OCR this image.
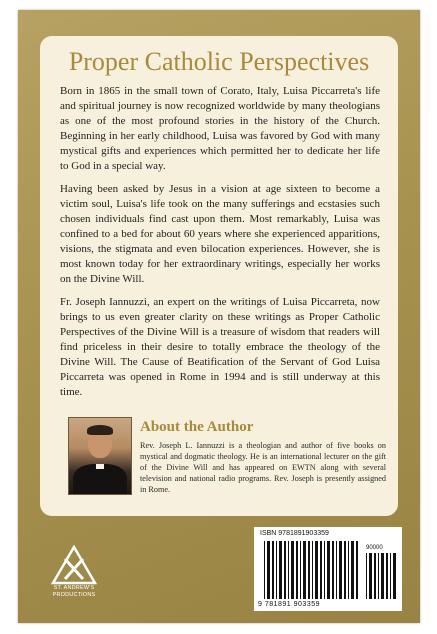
Proper Catholic Perspectives

Born in 1865 in the small town of Corato, Italy, Luisa Piccarreta's life and spiritual journey is now recognized worldwide by many theologians as one of the most profound stories in the history of the Church. Beginning in her early childhood, Luisa was favored by God with many mystical gifts and experiences which permitted her to dedicate her life to God in a special way.

Having been asked by Jesus in a vision at age sixteen to become a victim soul, Luisa's life took on the many sufferings and ecstasies such chosen individuals find cast upon them. Most remarkably, Luisa was confined to a bed for about 60 years where she experienced apparitions, visions, the stigmata and even bilocation experiences. However, she is most known today for her extraordinary writings, especially her works on the Divine Will.

Fr. Joseph Iannuzzi, an expert on the writings of Luisa Piccarreta, now brings to us even greater clarity on these writings as Proper Catholic Perspectives of the Divine Will is a treasure of wisdom that readers will find priceless in their desire to totally embrace the theology of the Divine Will. The Cause of Beatification of the Servant of God Luisa Piccarreta was opened in Rome in 1994 and is still underway at this time.

About the Author

Rev. Joseph L. Iannuzzi is a theologian and author of five books on mystical and dogmatic theology. He is an international lecturer on the gift of the Divine Will and has appeared on EWTN along with several television and national radio programs. Rev. Joseph is presently assigned in Rome.

ST. ANDREW'S
PRODUCTIONS
ISBN 9781891903359
90000
9 781891 903359
